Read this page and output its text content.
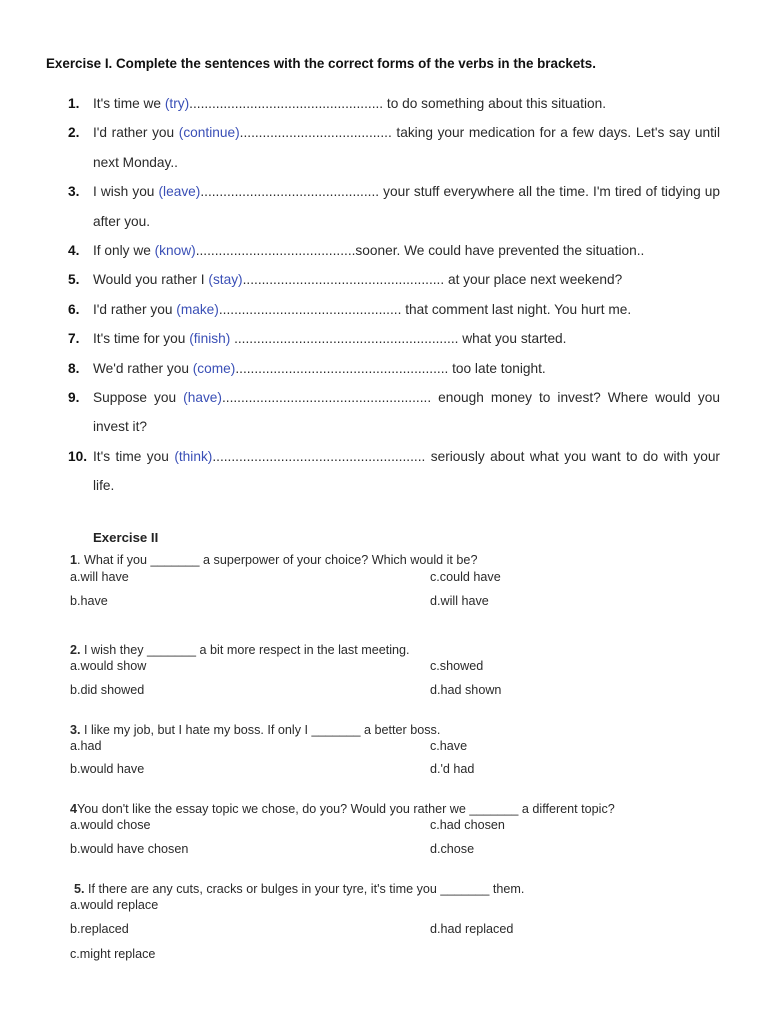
Exercise I. Complete the sentences with the correct forms of the verbs in the brackets.
1. It's time we (try)................................................... to do something about this situation.
2. I'd rather you (continue)........................................ taking your medication for a few days. Let's say until next Monday..
3. I wish you (leave)............................................... your stuff everywhere all the time. I'm tired of tidying up after you.
4. If only we (know)..........................................sooner. We could have prevented the situation..
5. Would you rather I (stay)..................................................... at your place next weekend?
6. I'd rather you (make)................................................ that comment last night. You hurt me.
7. It's time for you (finish) ........................................................... what you started.
8. We'd rather you (come)........................................................ too late tonight.
9. Suppose you (have)....................................................... enough money to invest? Where would you invest it?
10. It's time you (think)........................................................ seriously about what you want to do with your life.
Exercise II
1. What if you _______ a superpower of your choice? Which would it be?
a.will have	c.could have
b.have	d.will have
2. I wish they _______ a bit more respect in the last meeting.
a.would show	c.showed
b.did showed	d.had shown
3. I like my job, but I hate my boss. If only I _______ a better boss.
a.had	c.have
b.would have	d.'d had
4You don't like the essay topic we chose, do you? Would you rather we _______ a different topic?
a.would chose	c.had chosen
b.would have chosen	d.chose
5. If there are any cuts, cracks or bulges in your tyre, it's time you _______ them.
a.would replace
b.replaced	d.had replaced
c.might replace
